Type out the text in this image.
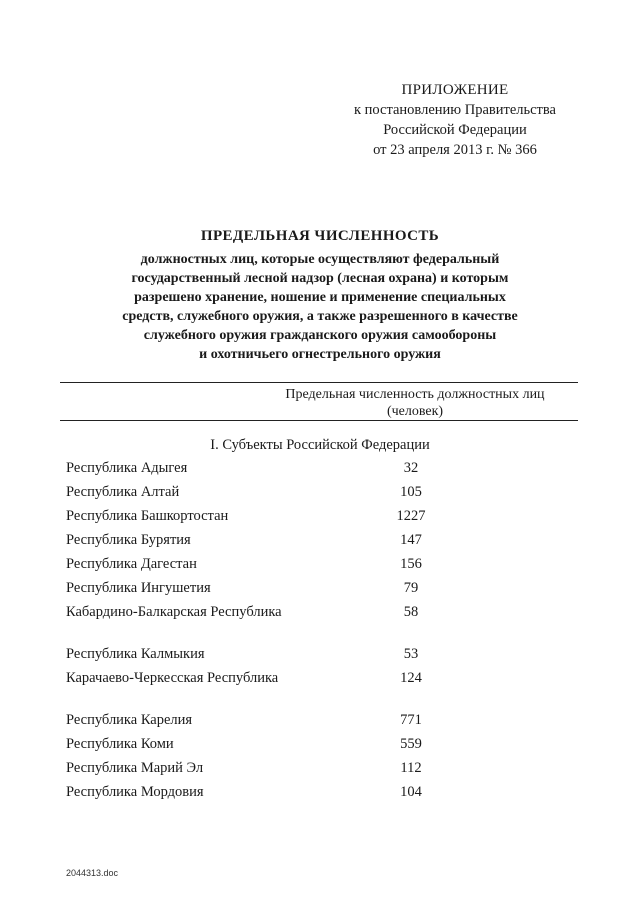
ПРИЛОЖЕНИЕ
к постановлению Правительства
Российской Федерации
от 23 апреля 2013 г. № 366
ПРЕДЕЛЬНАЯ ЧИСЛЕННОСТЬ
должностных лиц, которые осуществляют федеральный
государственный лесной надзор (лесная охрана) и которым
разрешено хранение, ношение и применение специальных
средств, служебного оружия, а также разрешенного в качестве
служебного оружия гражданского оружия самообороны
и охотничьего огнестрельного оружия
Предельная численность должностных лиц
(человек)
I. Субъекты Российской Федерации
Республика Адыгея	32
Республика Алтай	105
Республика Башкортостан	1227
Республика Бурятия	147
Республика Дагестан	156
Республика Ингушетия	79
Кабардино-Балкарская Республика	58
Республика Калмыкия	53
Карачаево-Черкесская Республика	124
Республика Карелия	771
Республика Коми	559
Республика Марий Эл	112
Республика Мордовия	104
2044313.doc
